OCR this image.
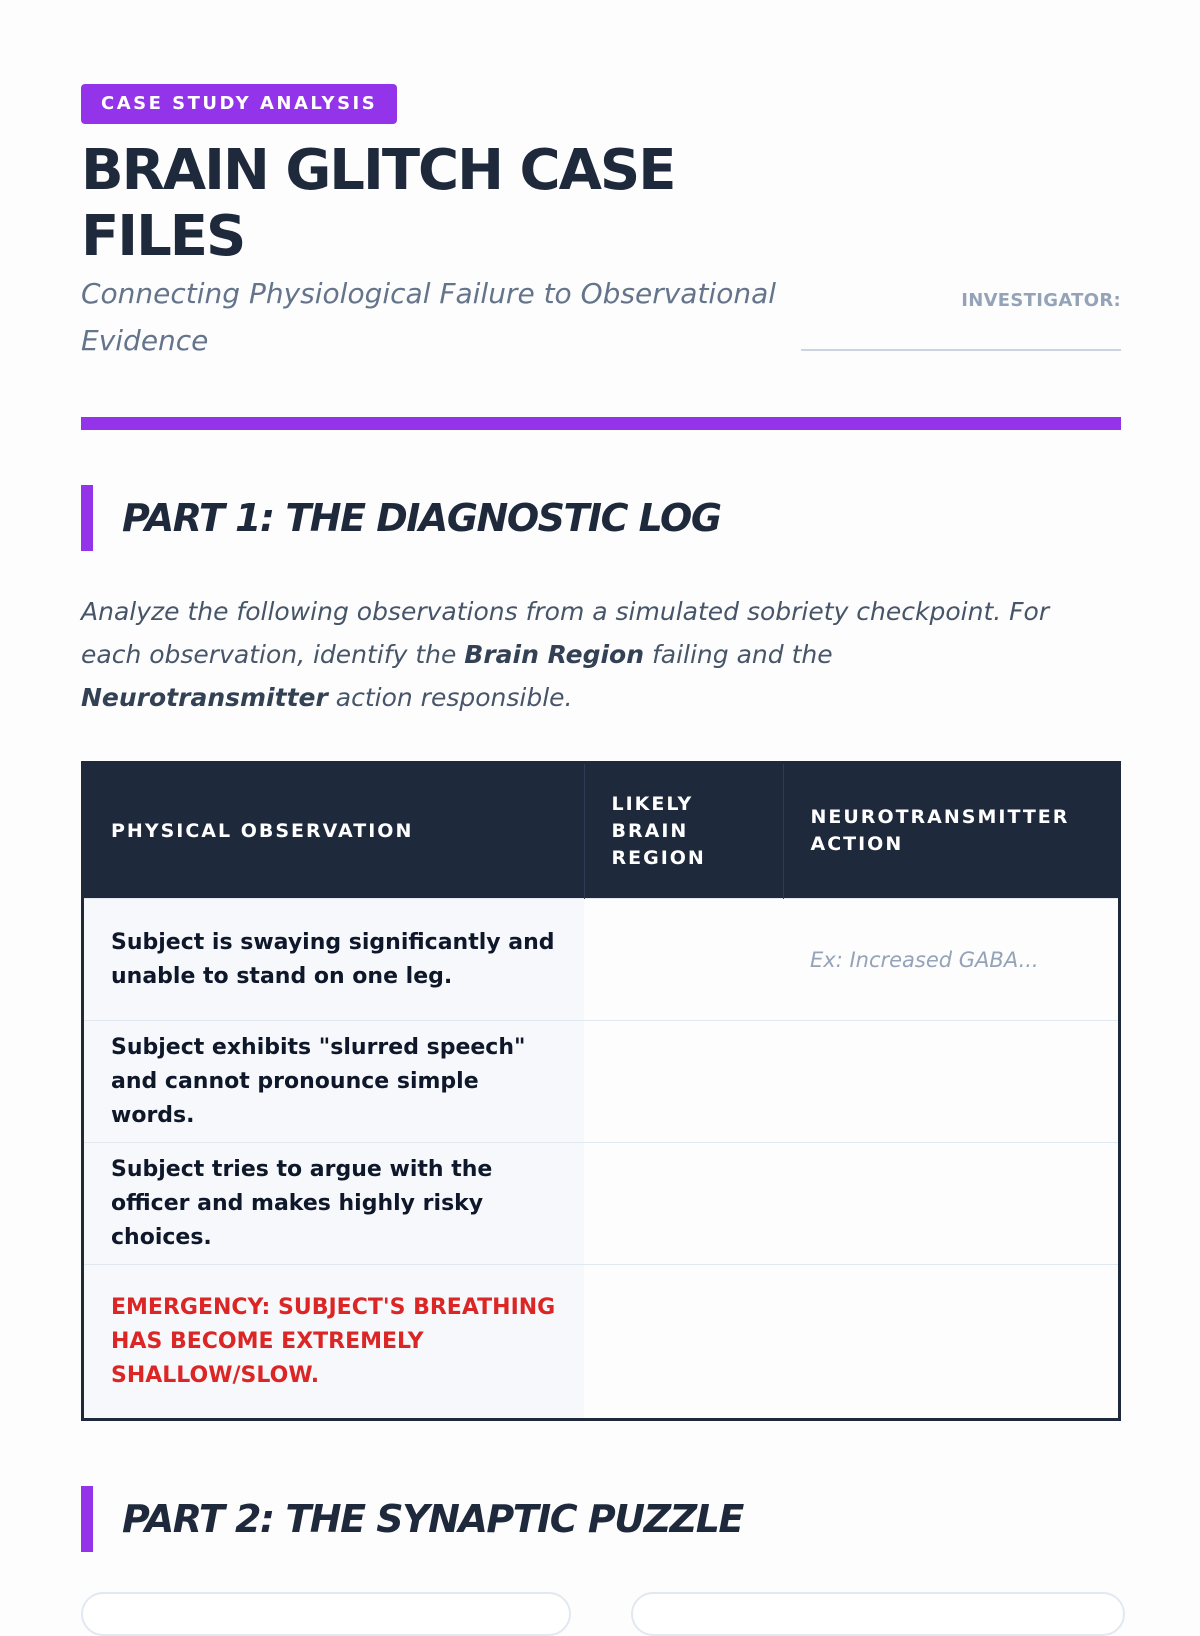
CASE STUDY ANALYSIS
BRAIN GLITCH CASE FILES

Connecting Physiological Failure to Observational Evidence

INVESTIGATOR:
PART 1: THE DIAGNOSTIC LOG

Analyze the following observations from a simulated sobriety checkpoint. For each observation, identify the Brain Region failing and the Neurotransmitter action responsible.

PHYSICAL OBSERVATION	LIKELY BRAIN REGION	NEUROTRANSMITTER ACTION
Subject is swaying significantly and unable to stand on one leg.		Ex: Increased GABA...
Subject exhibits "slurred speech" and cannot pronounce simple words.		
Subject tries to argue with the officer and makes highly risky choices.		
EMERGENCY: SUBJECT'S BREATHING HAS BECOME EXTREMELY SHALLOW/SLOW.		
PART 2: THE SYNAPTIC PUZZLE
